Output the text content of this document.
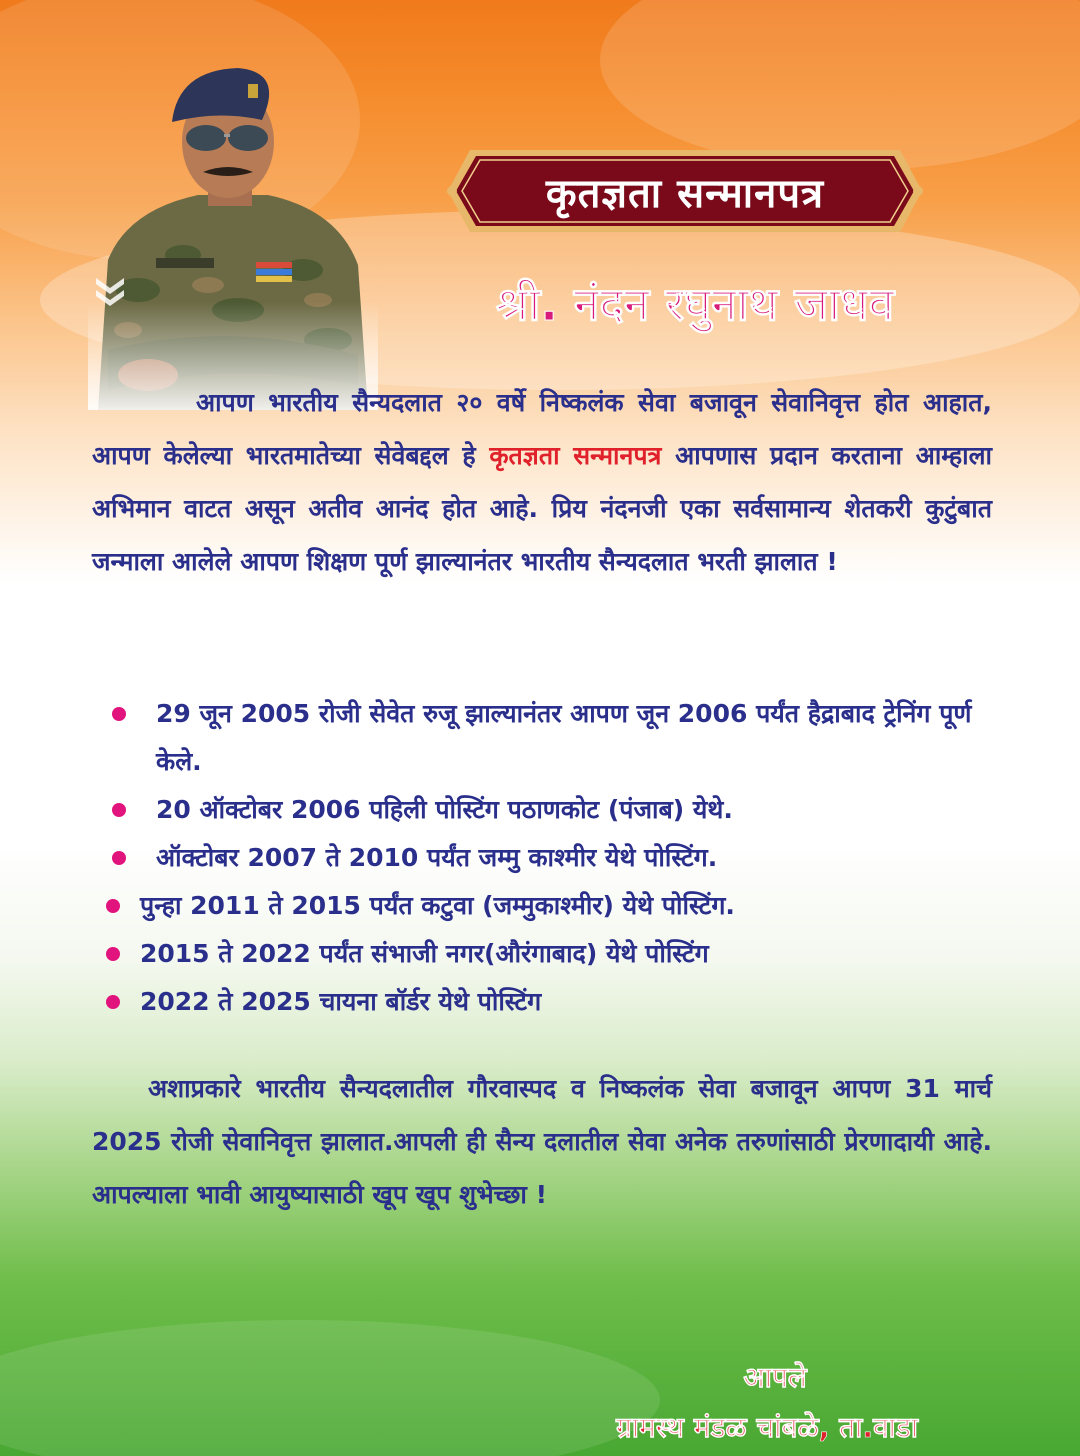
कृतज्ञता सन्मानपत्र
श्री. नंदन रघुनाथ जाधव

आपण भारतीय सैन्यदलात २० वर्षे निष्कलंक सेवा बजावून सेवानिवृत्त होत आहात, आपण केलेल्या भारतमातेच्या सेवेबद्दल हे कृतज्ञता सन्मानपत्र आपणास प्रदान करताना आम्हाला अभिमान वाटत असून अतीव आनंद होत आहे. प्रिय नंदनजी एका सर्वसामान्य शेतकरी कुटुंबात जन्माला आलेले आपण शिक्षण पूर्ण झाल्यानंतर भारतीय सैन्यदलात भरती झालात !

29 जून 2005 रोजी सेवेत रुजू झाल्यानंतर आपण जून 2006 पर्यंत हैद्राबाद ट्रेनिंग पूर्ण केले.
20 ऑक्टोबर 2006 पहिली पोस्टिंग पठाणकोट (पंजाब) येथे.
ऑक्टोबर 2007 ते 2010 पर्यंत जम्मु काश्मीर येथे पोस्टिंग.
पुन्हा 2011 ते 2015 पर्यंत कटुवा (जम्मुकाश्मीर) येथे पोस्टिंग.
2015 ते 2022 पर्यंत संभाजी नगर(औरंगाबाद) येथे पोस्टिंग
2022 ते 2025 चायना बॉर्डर येथे पोस्टिंग

अशाप्रकारे भारतीय सैन्यदलातील गौरवास्पद व निष्कलंक सेवा बजावून आपण 31 मार्च 2025 रोजी सेवानिवृत्त झालात.आपली ही सैन्य दलातील सेवा अनेक तरुणांसाठी प्रेरणादायी आहे. आपल्याला भावी आयुष्यासाठी खूप खूप शुभेच्छा !

आपले
ग्रामस्थ मंडळ चांबळे, ता.वाडा
